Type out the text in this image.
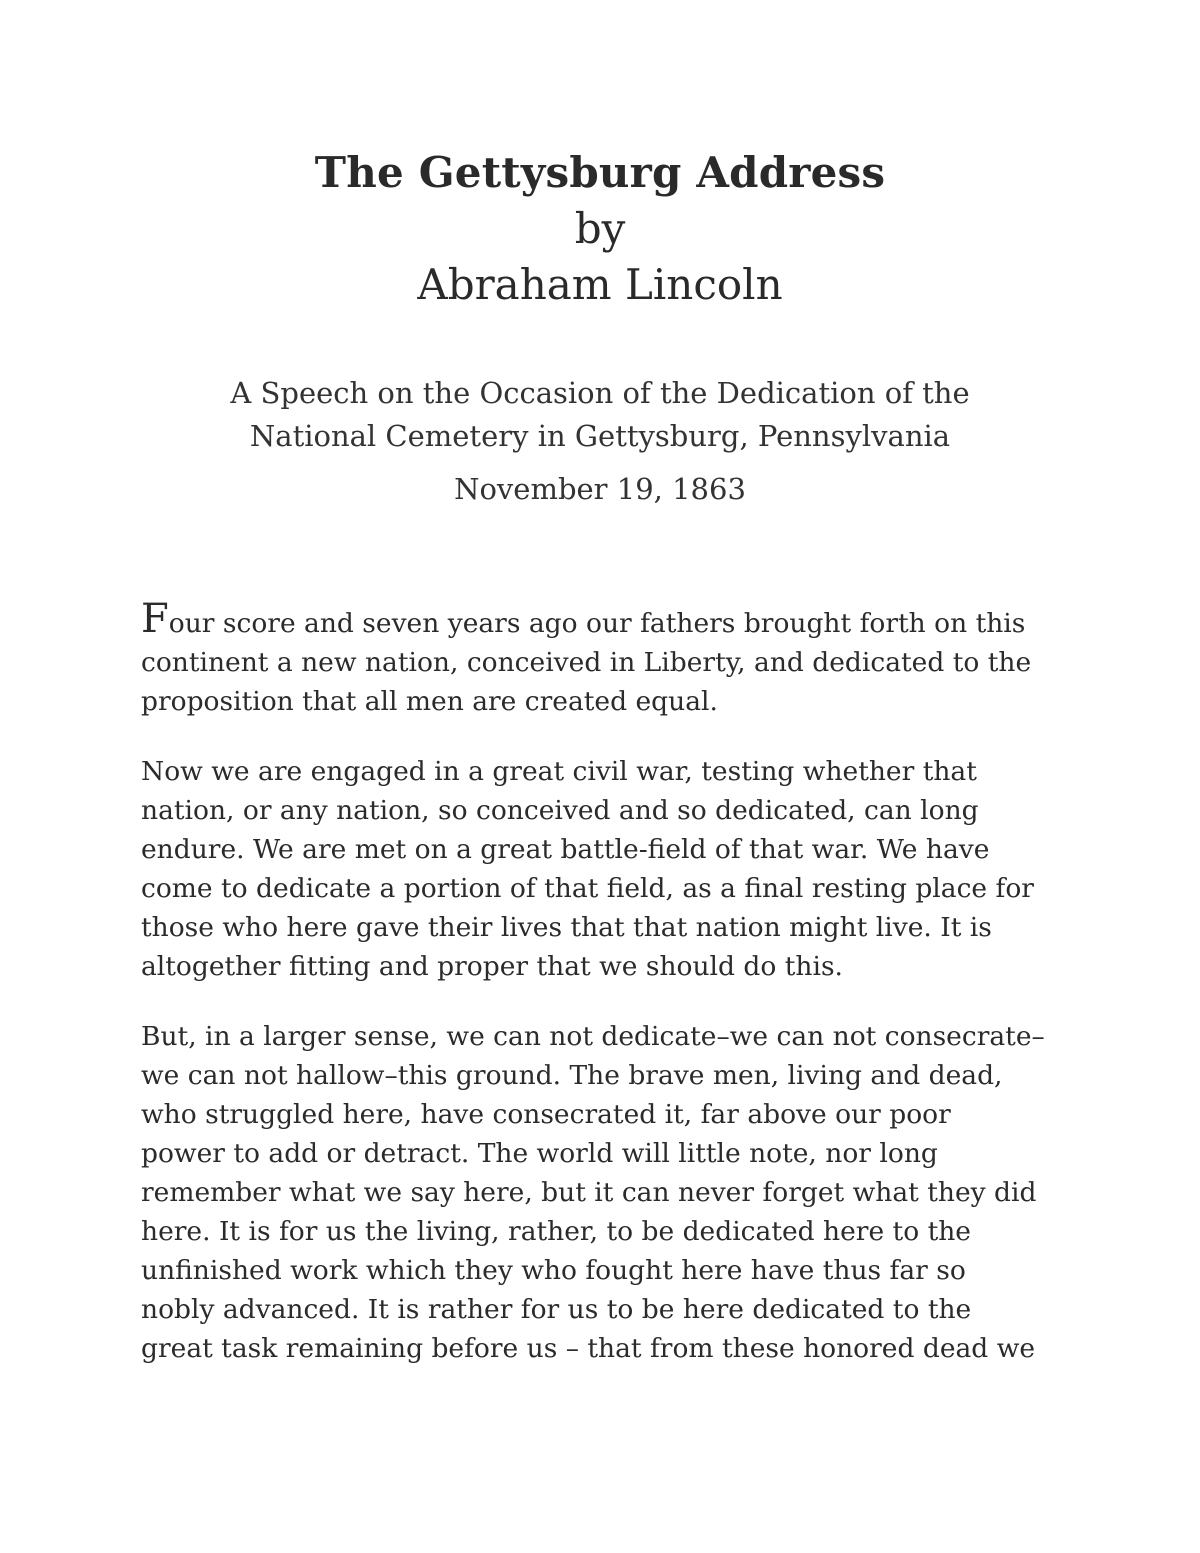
The Gettysburg Address
by
Abraham Lincoln
A Speech on the Occasion of the Dedication of the
National Cemetery in Gettysburg, Pennsylvania
November 19, 1863

Four score and seven years ago our fathers brought forth on this
continent a new nation, conceived in Liberty, and dedicated to the
proposition that all men are created equal.

Now we are engaged in a great civil war, testing whether that
nation, or any nation, so conceived and so dedicated, can long
endure. We are met on a great battle-field of that war. We have
come to dedicate a portion of that field, as a final resting place for
those who here gave their lives that that nation might live. It is
altogether fitting and proper that we should do this.

But, in a larger sense, we can not dedicate–we can not consecrate–
we can not hallow–this ground. The brave men, living and dead,
who struggled here, have consecrated it, far above our poor
power to add or detract. The world will little note, nor long
remember what we say here, but it can never forget what they did
here. It is for us the living, rather, to be dedicated here to the
unfinished work which they who fought here have thus far so
nobly advanced. It is rather for us to be here dedicated to the
great task remaining before us – that from these honored dead we
